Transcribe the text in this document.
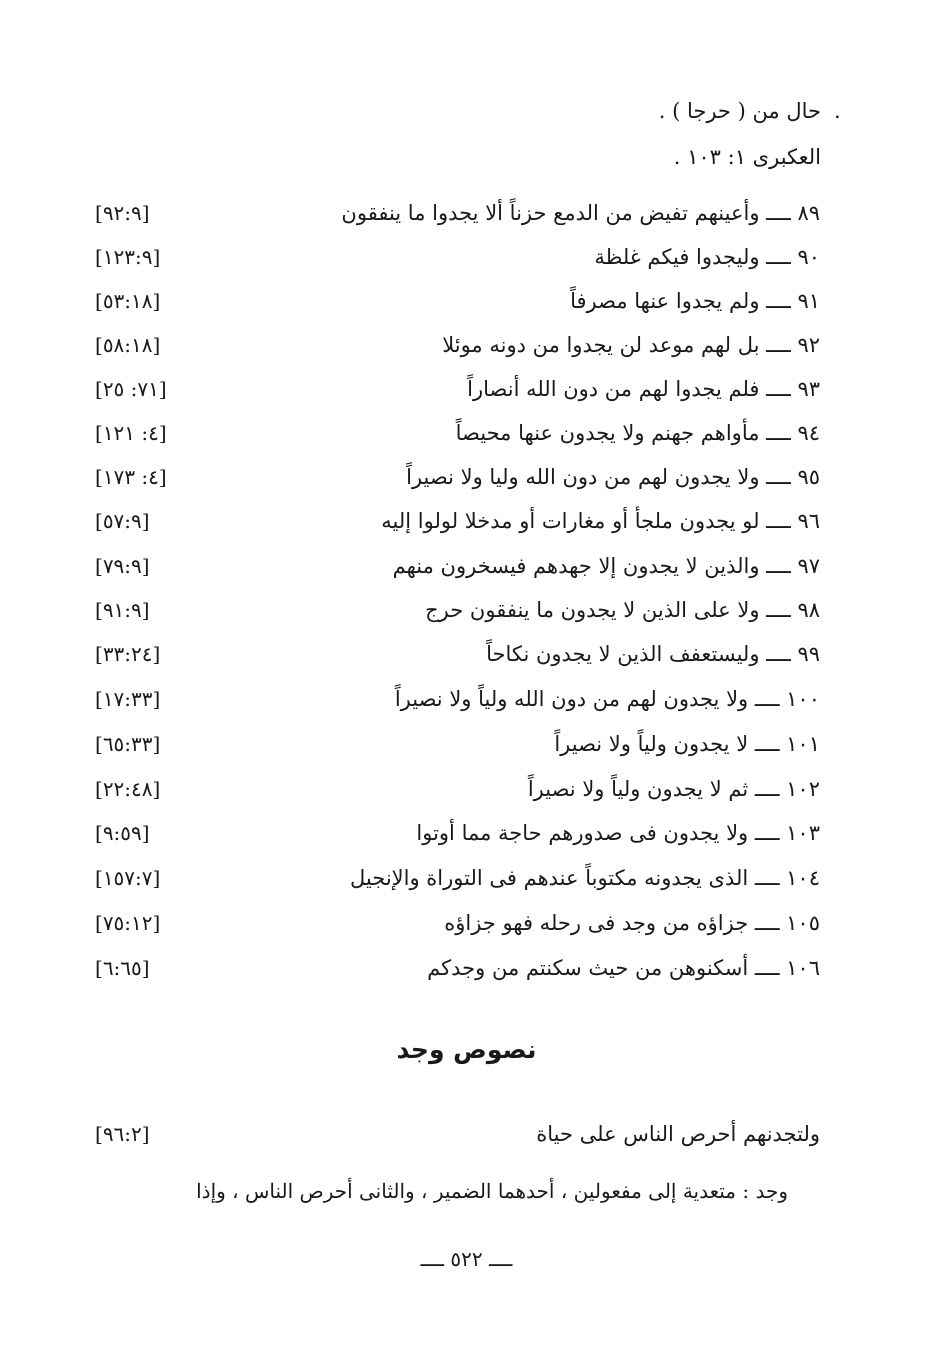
.
حال من ( حرجا ) .
العكبرى ١: ١٠٣ .
٨٩ ــــ وأعينهم تفيض من الدمع حزناً ألا يجدوا ما ينفقون
[٩٢:٩]
٩٠ ــــ وليجدوا فيكم غلظة
[١٢٣:٩]
٩١ ــــ ولم يجدوا عنها مصرفاً
[٥٣:١٨]
٩٢ ــــ بل لهم موعد لن يجدوا من دونه موئلا
[٥٨:١٨]
٩٣ ــــ فلم يجدوا لهم من دون الله أنصاراً
[٧١: ٢٥]
٩٤ ــــ مأواهم جهنم ولا يجدون عنها محيصاً
[٤: ١٢١]
٩٥ ــــ ولا يجدون لهم من دون الله وليا ولا نصيراً
[٤: ١٧٣]
٩٦ ــــ لو يجدون ملجأ أو مغارات أو مدخلا لولوا إليه
[٥٧:٩]
٩٧ ــــ والذين لا يجدون إلا جهدهم فيسخرون منهم
[٧٩:٩]
٩٨ ــــ ولا على الذين لا يجدون ما ينفقون حرج
[٩١:٩]
٩٩ ــــ وليستعفف الذين لا يجدون نكاحاً
[٣٣:٢٤]
١٠٠ ــــ ولا يجدون لهم من دون الله ولياً ولا نصيراً
[١٧:٣٣]
١٠١ ــــ لا يجدون ولياً ولا نصيراً
[٦٥:٣٣]
١٠٢ ــــ ثم لا يجدون ولياً ولا نصيراً
[٢٢:٤٨]
١٠٣ ــــ ولا يجدون فى صدورهم حاجة مما أوتوا
[٩:٥٩]
١٠٤ ــــ الذى يجدونه مكتوباً عندهم فى التوراة والإنجيل
[١٥٧:٧]
١٠٥ ــــ جزاؤه من وجد فى رحله فهو جزاؤه
[٧٥:١٢]
١٠٦ ــــ أسكنوهن من حيث سكنتم من وجدكم
[٦:٦٥]
نصوص وجد
ولتجدنهم أحرص الناس على حياة
[٩٦:٢]
وجد : متعدية إلى مفعولين ، أحدهما الضمير ، والثانى أحرص الناس ، وإذا
ــــ ٥٢٢ ــــ
